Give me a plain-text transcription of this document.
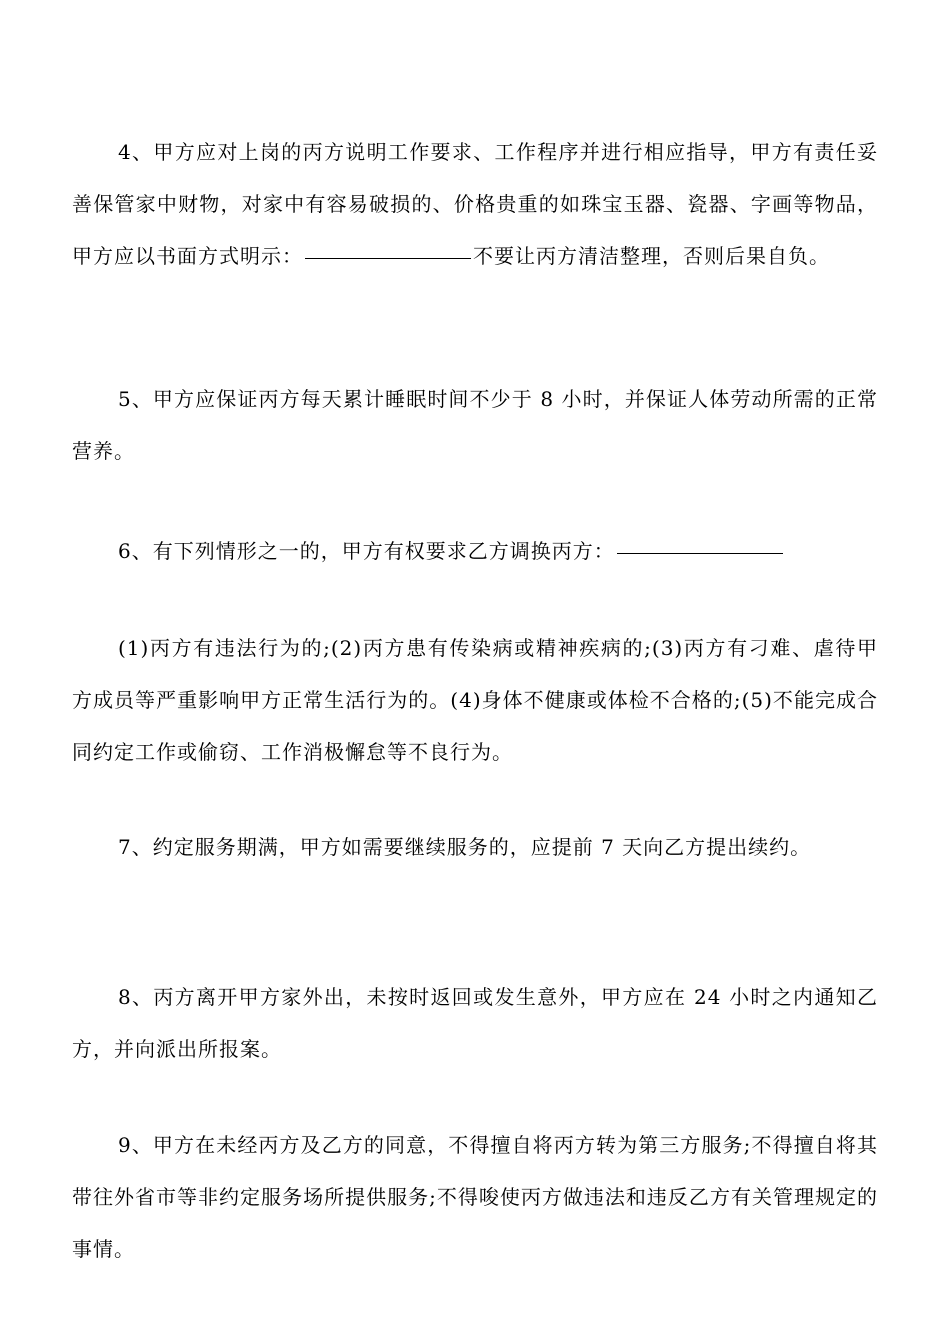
4、甲方应对上岗的丙方说明工作要求、工作程序并进行相应指导，甲方有责任妥善保管家中财物，对家中有容易破损的、价格贵重的如珠宝玉器、瓷器、字画等物品，甲方应以书面方式明示：	不要让丙方清洁整理，否则后果自负。

5、甲方应保证丙方每天累计睡眠时间不少于 8 小时，并保证人体劳动所需的正常营养。

6、有下列情形之一的，甲方有权要求乙方调换丙方：

(1)丙方有违法行为的;(2)丙方患有传染病或精神疾病的;(3)丙方有刁难、虐待甲方成员等严重影响甲方正常生活行为的。(4)身体不健康或体检不合格的;(5)不能完成合同约定工作或偷窃、工作消极懈怠等不良行为。

7、约定服务期满，甲方如需要继续服务的，应提前 7 天向乙方提出续约。

8、丙方离开甲方家外出，未按时返回或发生意外，甲方应在 24 小时之内通知乙方，并向派出所报案。

9、甲方在未经丙方及乙方的同意，不得擅自将丙方转为第三方服务;不得擅自将其带往外省市等非约定服务场所提供服务;不得唆使丙方做违法和违反乙方有关管理规定的事情。
